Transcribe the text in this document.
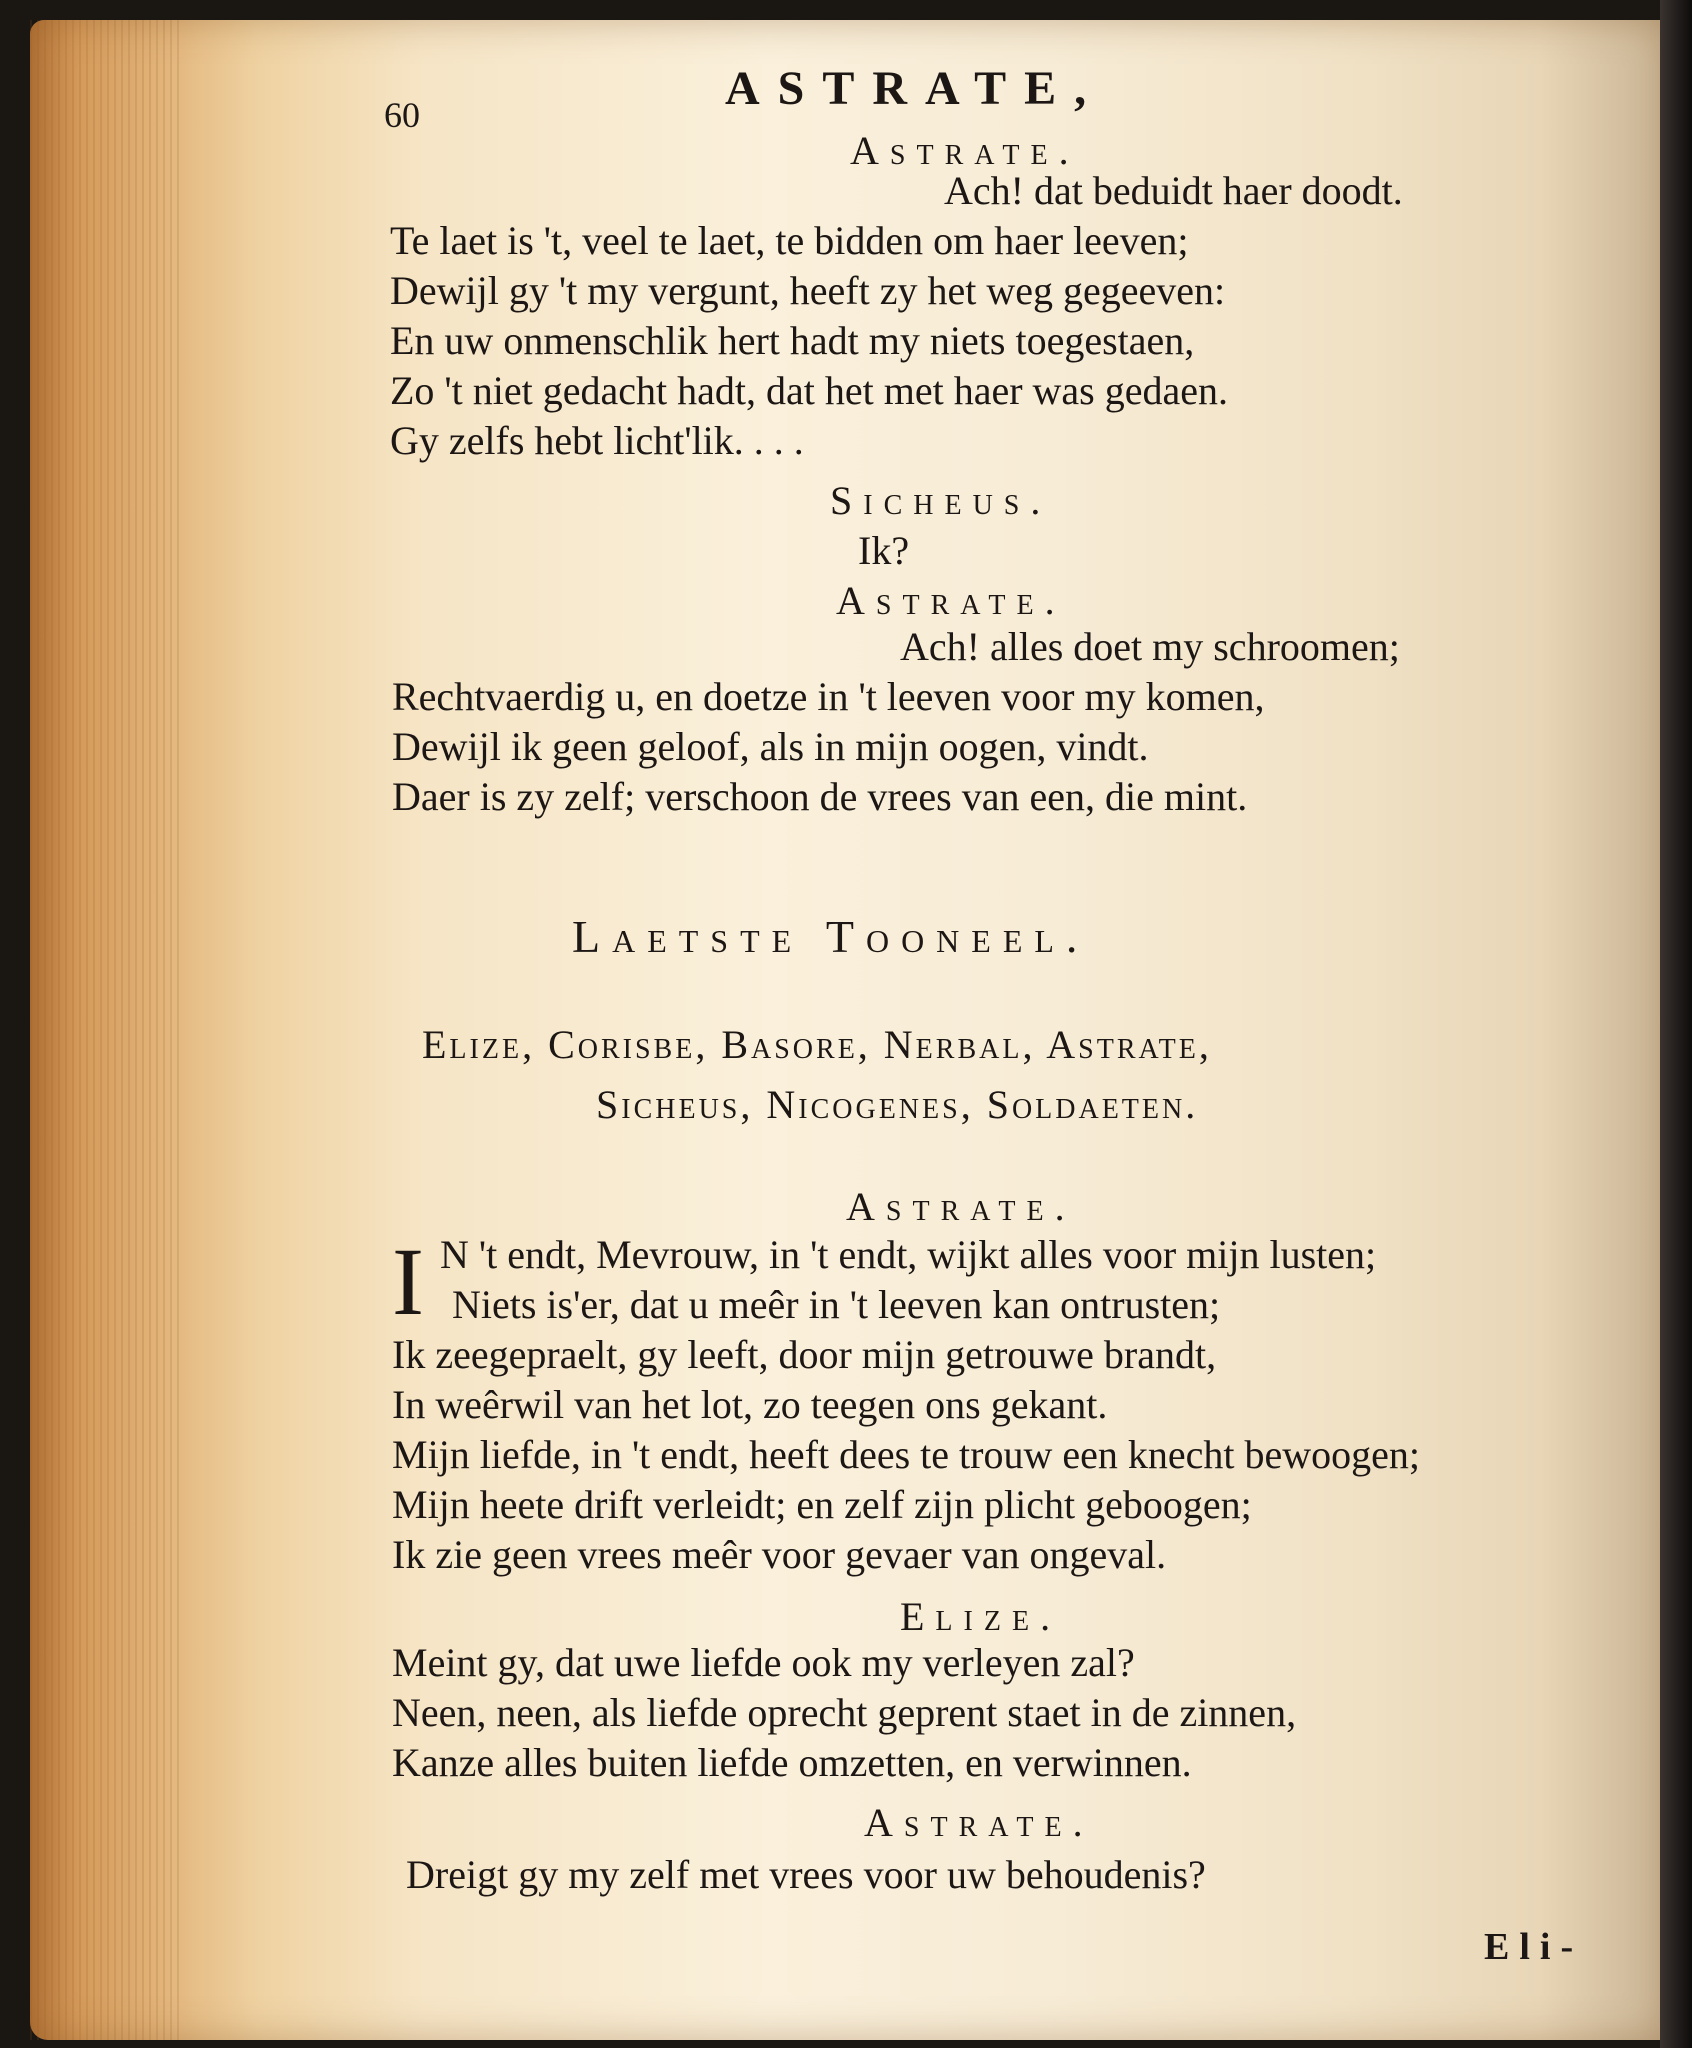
60	ASTRATE,

Astrate.

Ach! dat beduidt haer doodt.

Te laet is 't, veel te laet, te bidden om haer leeven;

Dewijl gy 't my vergunt, heeft zy het weg gegeeven:

En uw onmenschlik hert hadt my niets toegestaen,

Zo 't niet gedacht hadt, dat het met haer was gedaen.

Gy zelfs hebt licht'lik. . . .

Sicheus.

Ik?

Astrate.

Ach! alles doet my schroomen;

Rechtvaerdig u, en doetze in 't leeven voor my komen,

Dewijl ik geen geloof, als in mijn oogen, vindt.

Daer is zy zelf; verschoon de vrees van een, die mint.

Laetste Tooneel.

Elize, Corisbe, Basore, Nerbal, Astrate,

Sicheus, Nicogenes, Soldaeten.

Astrate.

I N 't endt, Mevrouw, in 't endt, wijkt alles voor mijn lusten;

Niets is'er, dat u meêr in 't leeven kan ontrusten;

Ik zeegepraelt, gy leeft, door mijn getrouwe brandt,

In weêrwil van het lot, zo teegen ons gekant.

Mijn liefde, in 't endt, heeft dees te trouw een knecht bewoogen;

Mijn heete drift verleidt; en zelf zijn plicht geboogen;

Ik zie geen vrees meêr voor gevaer van ongeval.

Elize.

Meint gy, dat uwe liefde ook my verleyen zal?

Neen, neen, als liefde oprecht geprent staet in de zinnen,

Kanze alles buiten liefde omzetten, en verwinnen.

Astrate.

Dreigt gy my zelf met vrees voor uw behoudenis?

Eli-
